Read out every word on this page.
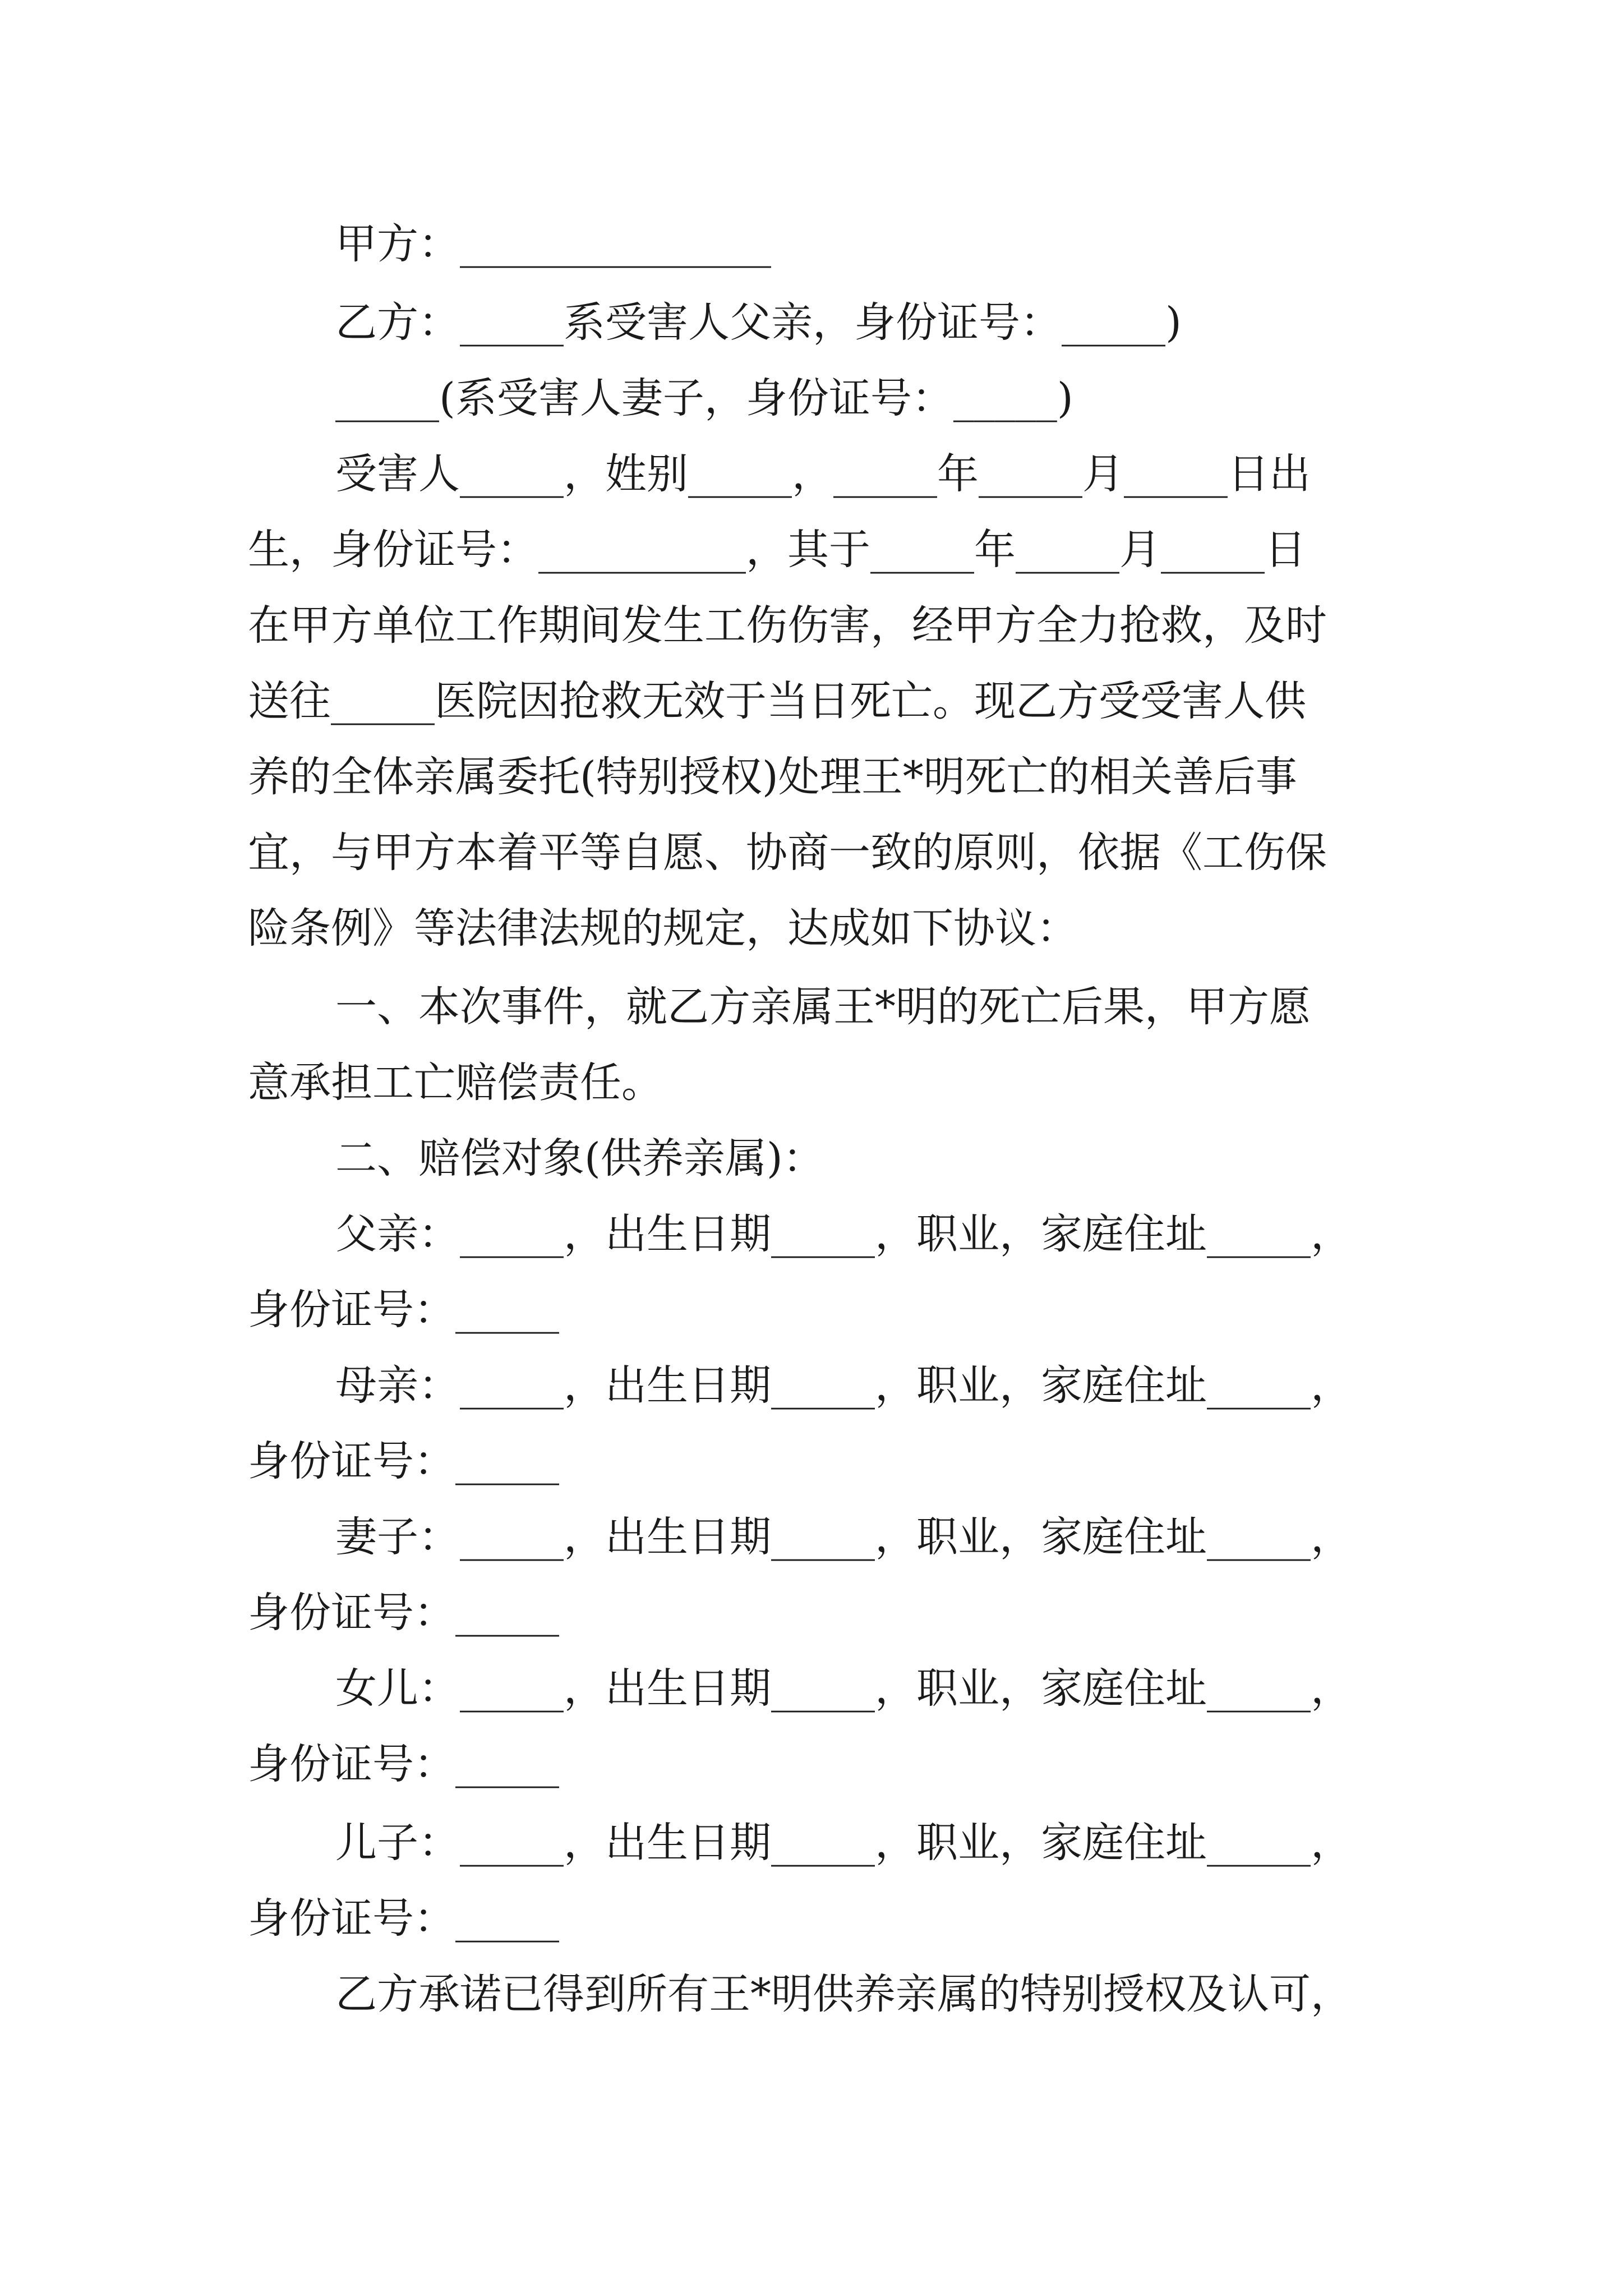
甲方：_______________
乙方：_____系受害人父亲，身份证号：_____)
_____(系受害人妻子，身份证号：_____)
受害人_____，姓别_____，_____年_____月_____日出
生，身份证号：__________，其于_____年_____月_____日
在甲方单位工作期间发生工伤伤害，经甲方全力抢救，及时
送往_____医院因抢救无效于当日死亡。现乙方受受害人供
养的全体亲属委托(特别授权)处理王*明死亡的相关善后事
宜，与甲方本着平等自愿、协商一致的原则，依据《工伤保
险条例》等法律法规的规定，达成如下协议：
一、本次事件，就乙方亲属王*明的死亡后果，甲方愿
意承担工亡赔偿责任。
二、赔偿对象(供养亲属)：
父亲：_____，出生日期_____，职业，家庭住址_____，
身份证号：_____
母亲：_____，出生日期_____，职业，家庭住址_____，
身份证号：_____
妻子：_____，出生日期_____，职业，家庭住址_____，
身份证号：_____
女儿：_____，出生日期_____，职业，家庭住址_____，
身份证号：_____
儿子：_____，出生日期_____，职业，家庭住址_____，
身份证号：_____
乙方承诺已得到所有王*明供养亲属的特别授权及认可，
